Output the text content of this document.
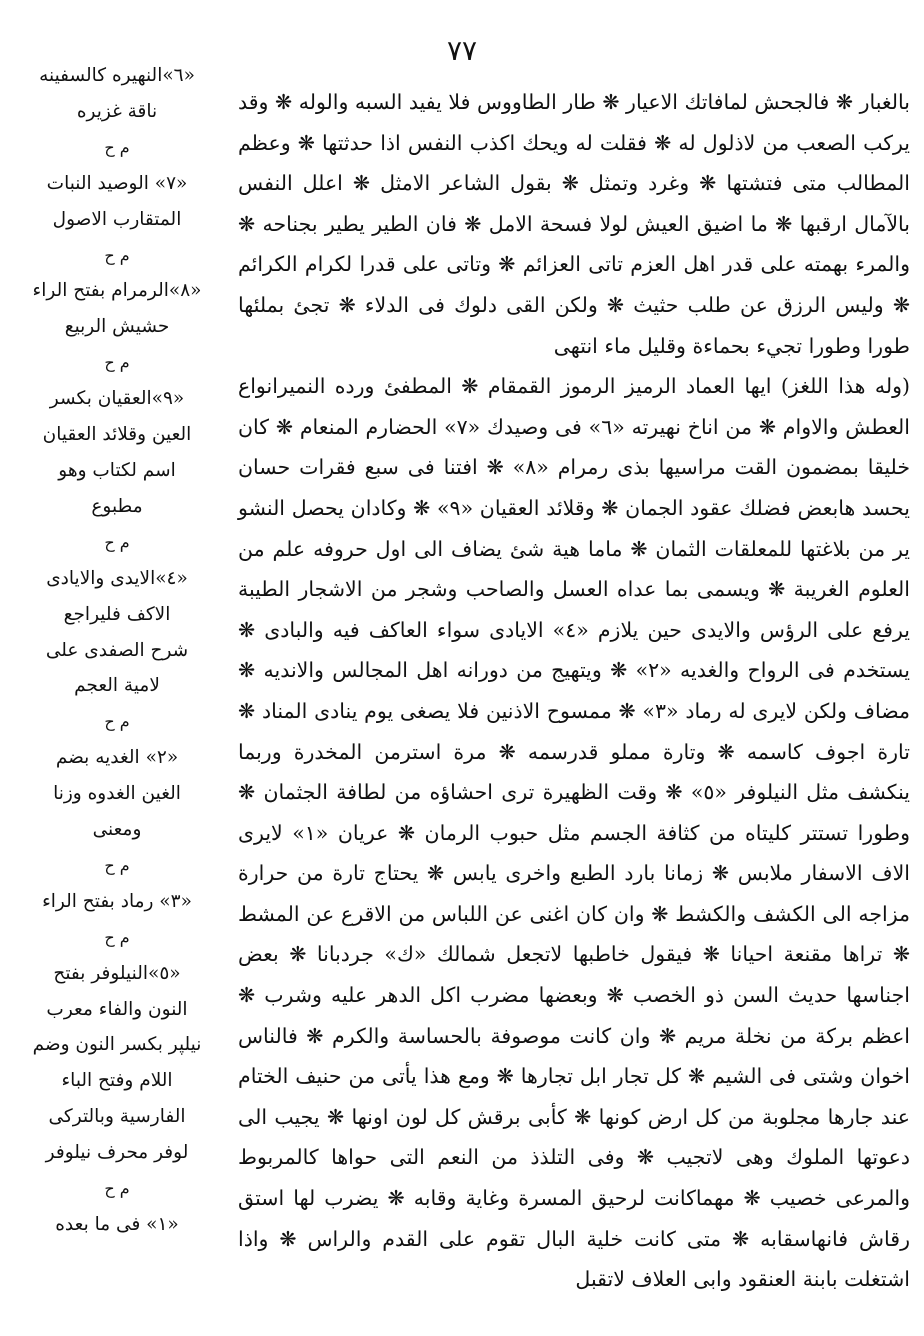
٧٧

بالغبار ❋ فالجحش لمافاتك الاعيار ❋ طار الطاووس فلا يفيد السبه والوله ❋ وقد يركب الصعب من لاذلول له ❋ فقلت له ويحك اكذب النفس اذا حدثتها ❋ وعظم المطالب متى فتشتها ❋ وغرد وتمثل ❋ بقول الشاعر الامثل ❋ اعلل النفس بالآمال ارقبها ❋ ما اضيق العيش لولا فسحة الامل ❋ فان الطير يطير بجناحه ❋ والمرء بهمته على قدر اهل العزم تاتى العزائم ❋ وتاتى على قدرا لكرام الكرائم ❋ وليس الرزق عن طلب حثيث ❋ ولكن القى دلوك فى الدلاء ❋ تجئ بملئها طورا وطورا تجيء بحماءة وقليل ماء انتهى

(وله هذا اللغز) ايها العماد الرميز الرموز القمقام ❋ المطفئ ورده النميرانواع العطش والاوام ❋ من اناخ نهيرته «٦» فى وصيدك «٧» الحضارم المنعام ❋ كان خليقا بمضمون القت مراسيها بذى رمرام «٨» ❋ افتنا فى سبع فقرات حسان يحسد هابعض فضلك عقود الجمان ❋ وقلائد العقيان «٩» ❋ وكادان يحصل النشو ير من بلاغتها للمعلقات الثمان ❋ ماما هية شئ يضاف الى اول حروفه علم من العلوم الغريبة ❋ ويسمى بما عداه العسل والصاحب وشجر من الاشجار الطيبة يرفع على الرؤس والايدى حين يلازم «٤» الايادى سواء العاكف فيه والبادى ❋ يستخدم فى الرواح والغديه «٢» ❋ ويتهيج من دورانه اهل المجالس والانديه ❋ مضاف ولكن لايرى له رماد «٣» ❋ ممسوح الاذنين فلا يصغى يوم ينادى المناد ❋ تارة اجوف كاسمه ❋ وتارة مملو قدرسمه ❋ مرة استرمن المخدرة وربما ينكشف مثل النيلوفر «٥» ❋ وقت الظهيرة ترى احشاؤه من لطافة الجثمان ❋ وطورا تستتر كليتاه من كثافة الجسم مثل حبوب الرمان ❋ عريان «١» لايرى الاف الاسفار ملابس ❋ زمانا بارد الطبع واخرى يابس ❋ يحتاج تارة من حرارة مزاجه الى الكشف والكشط ❋ وان كان اغنى عن اللباس من الاقرع عن المشط ❋ تراها مقنعة احيانا ❋ فيقول خاطبها لاتجعل شمالك «ك» جردبانا ❋ بعض اجناسها حديث السن ذو الخصب ❋ وبعضها مضرب اكل الدهر عليه وشرب ❋ اعظم بركة من نخلة مريم ❋ وان كانت موصوفة بالحساسة والكرم ❋ فالناس اخوان وشتى فى الشيم ❋ كل تجار ابل تجارها ❋ ومع هذا يأتى من حنيف الختام عند جارها مجلوبة من كل ارض كونها ❋ كأبى برقش كل لون اونها ❋ يجيب الى دعوتها الملوك وهى لاتجيب ❋ وفى التلذذ من النعم التى حواها كالمربوط والمرعى خصيب ❋ مهماكانت لرحيق المسرة وغاية وقابه ❋ يضرب لها استق رقاش فانهاسقابه ❋ متى كانت خلية البال تقوم على القدم والراس ❋ واذا اشتغلت بابنة العنقود وابى العلاف لاتقبل

«٦»النهيره كالسفينه
ناقة غزيره
م ح
«٧» الوصيد النبات
المتقارب الاصول
م ح
«٨»الرمرام بفتح الراء
حشيش الربيع
م ح
«٩»العقيان بكسر
العين وقلائد العقيان
اسم لكتاب وهو
مطبوع
م ح
«٤»الايدى والايادى
الاكف فليراجع
شرح الصفدى على
لامية العجم
م ح
«٢» الغديه بضم
الغين الغدوه وزنا
ومعنى
م ح
«٣» رماد بفتح الراء
م ح
«٥»النيلوفر بفتح
النون والفاء معرب
نيلپر بكسر النون وضم
اللام وفتح الباء
الفارسية وبالتركى
لوفر محرف نيلوفر
م ح
«١» فى ما بعده
